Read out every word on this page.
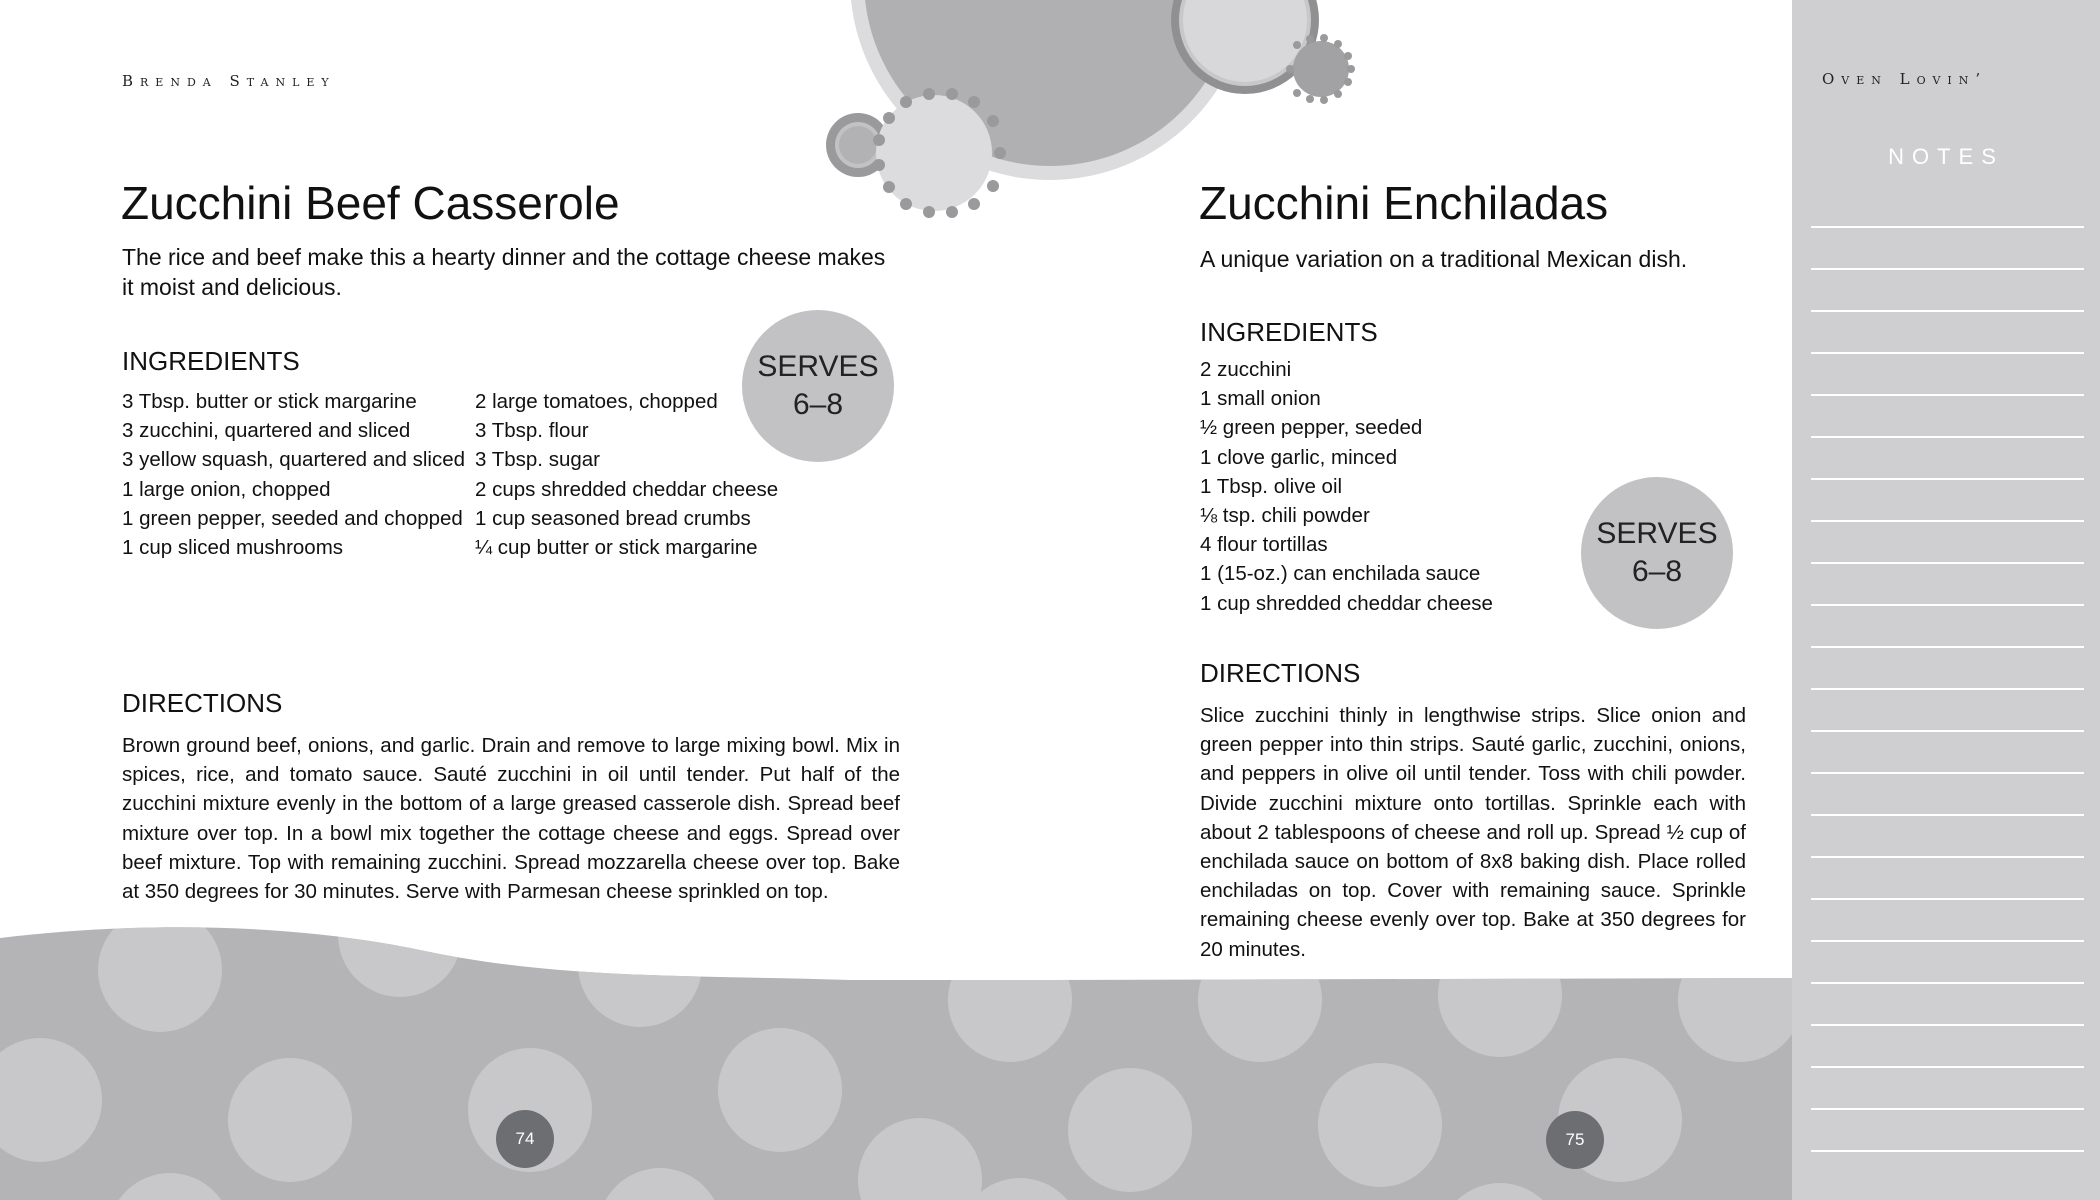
NOTES
Brenda Stanley	Oven Lovin’
Zucchini Beef Casserole
The rice and beef make this a hearty dinner and the cottage cheese makes it moist and delicious.
INGREDIENTS
3 Tbsp. butter or stick margarine
3 zucchini, quartered and sliced
3 yellow squash, quartered and sliced
1 large onion, chopped
1 green pepper, seeded and chopped
1 cup sliced mushrooms
2 large tomatoes, chopped
3 Tbsp. flour
3 Tbsp. sugar
2 cups shredded cheddar cheese
1 cup seasoned bread crumbs
¼ cup butter or stick margarine
SERVES
6–8
DIRECTIONS
Brown ground beef, onions, and garlic. Drain and remove to large mixing bowl. Mix in spices, rice, and tomato sauce. Sauté zucchini in oil until tender. Put half of the zucchini mixture evenly in the bottom of a large greased casserole dish. Spread beef mixture over top. In a bowl mix together the cottage cheese and eggs. Spread over beef mixture. Top with remaining zucchini. Spread mozzarella cheese over top. Bake at 350 degrees for 30 minutes. Serve with Parmesan cheese sprinkled on top.
74
Zucchini Enchiladas
A unique variation on a traditional Mexican dish.
INGREDIENTS
2 zucchini
1 small onion
½ green pepper, seeded
1 clove garlic, minced
1 Tbsp. olive oil
⅛ tsp. chili powder
4 flour tortillas
1 (15-oz.) can enchilada sauce
1 cup shredded cheddar cheese
SERVES
6–8
DIRECTIONS
Slice zucchini thinly in lengthwise strips. Slice onion and green pepper into thin strips. Sauté garlic, zucchini, onions, and peppers in olive oil until tender. Toss with chili powder. Divide zucchini mixture onto tortillas. Sprinkle each with about 2 tablespoons of cheese and roll up. Spread ½ cup of enchilada sauce on bottom of 8x8 baking dish. Place rolled enchiladas on top. Cover with remaining sauce. Sprinkle remaining cheese evenly over top. Bake at 350 degrees for 20 minutes.
75
